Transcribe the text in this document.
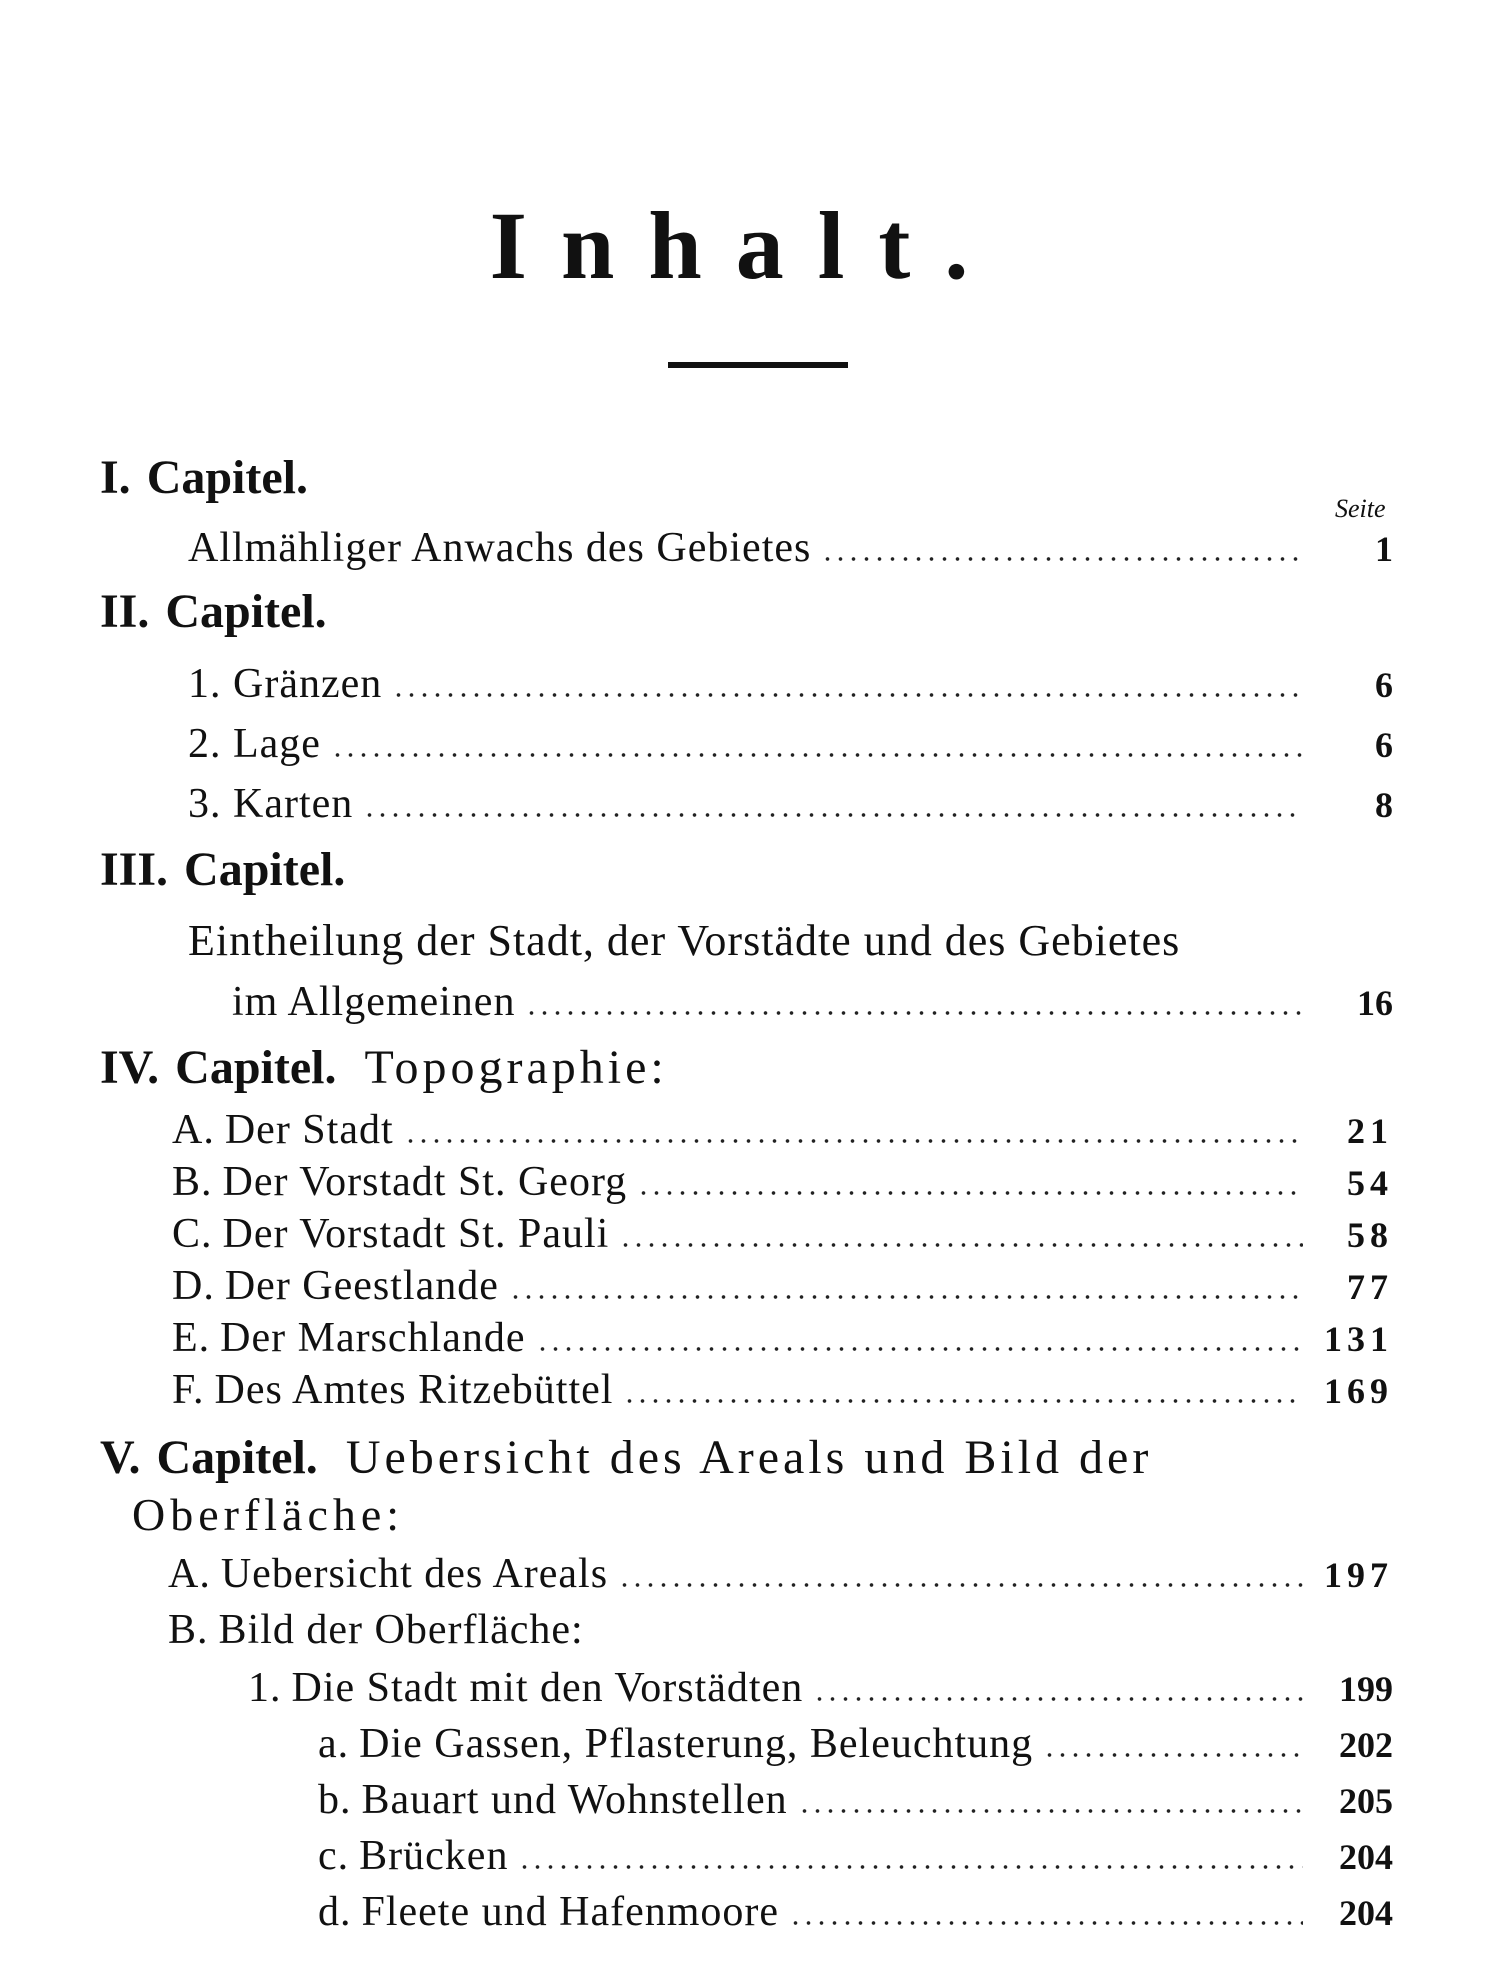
Inhalt.
Seite
I. Capitel.
Allmähliger Anwachs des Gebietes	1
II. Capitel.
1. Gränzen	6
2. Lage	6
3. Karten	8
III. Capitel.
Eintheilung der Stadt, der Vorstädte und des Gebietes
im Allgemeinen	16
IV. Capitel. Topographie:
A. Der Stadt	21
B. Der Vorstadt St. Georg	54
C. Der Vorstadt St. Pauli	58
D. Der Geestlande	77
E. Der Marschlande	131
F. Des Amtes Ritzebüttel	169
V. Capitel. Uebersicht des Areals und Bild der
Oberfläche:
A. Uebersicht des Areals	197
B. Bild der Oberfläche:
1. Die Stadt mit den Vorstädten	199
a. Die Gassen, Pflasterung, Beleuchtung	202
b. Bauart und Wohnstellen	205
c. Brücken	204
d. Fleete und Hafenmoore	204
